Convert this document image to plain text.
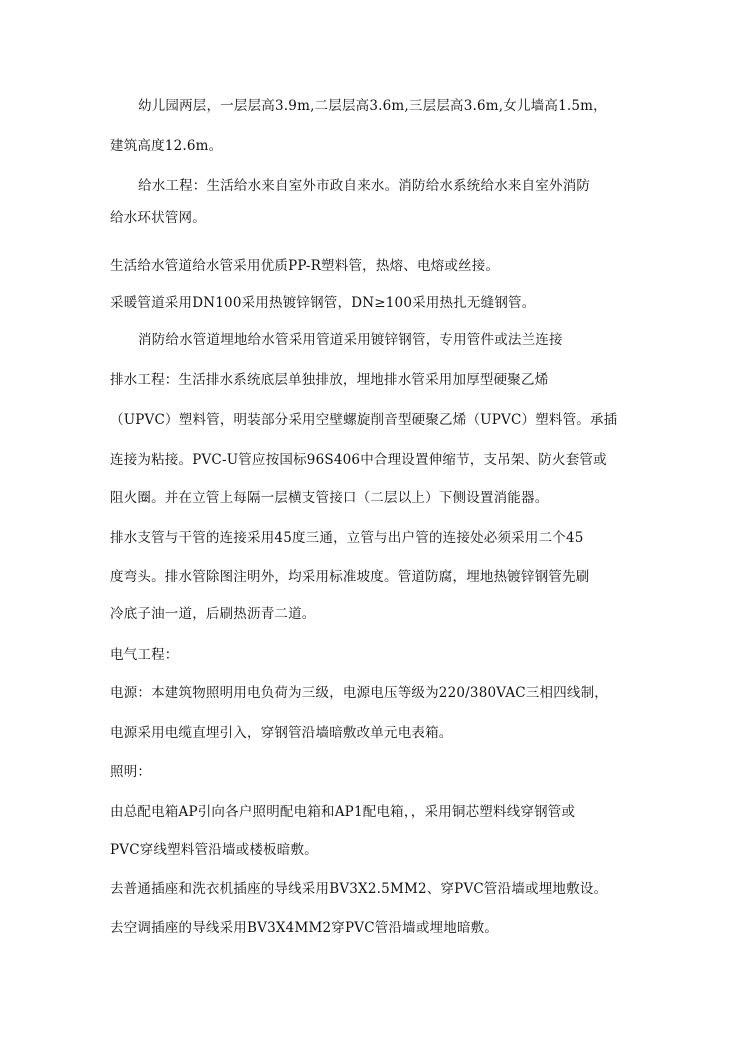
幼儿园两层，一层层高3.9m,二层层高3.6m,三层层高3.6m,女儿墙高1.5m，
建筑高度12.6m。
给水工程：生活给水来自室外市政自来水。消防给水系统给水来自室外消防
给水环状管网。
生活给水管道给水管采用优质PP-R塑料管，热熔、电熔或丝接。
采暖管道采用DN100采用热镀锌钢管，DN≥100采用热扎无缝钢管。
消防给水管道埋地给水管采用管道采用镀锌钢管，专用管件或法兰连接
排水工程：生活排水系统底层单独排放，埋地排水管采用加厚型硬聚乙烯
（UPVC）塑料管，明装部分采用空壁螺旋削音型硬聚乙烯（UPVC）塑料管。承插
连接为粘接。PVC-U管应按国标96S406中合理设置伸缩节，支吊架、防火套管或
阻火圈。并在立管上每隔一层横支管接口（二层以上）下侧设置消能器。
排水支管与干管的连接采用45度三通，立管与出户管的连接处必须采用二个45
度弯头。排水管除图注明外，均采用标准坡度。管道防腐，埋地热镀锌钢管先刷
冷底子油一道，后刷热沥青二道。
电气工程：
电源：本建筑物照明用电负荷为三级，电源电压等级为220/380VAC三相四线制，
电源采用电缆直埋引入，穿钢管沿墙暗敷改单元电表箱。
照明：
由总配电箱AP引向各户照明配电箱和AP1配电箱，，采用铜芯塑料线穿钢管或
PVC穿线塑料管沿墙或楼板暗敷。
去普通插座和洗衣机插座的导线采用BV3X2.5MM2、穿PVC管沿墙或埋地敷设。
去空调插座的导线采用BV3X4MM2穿PVC管沿墙或埋地暗敷。
